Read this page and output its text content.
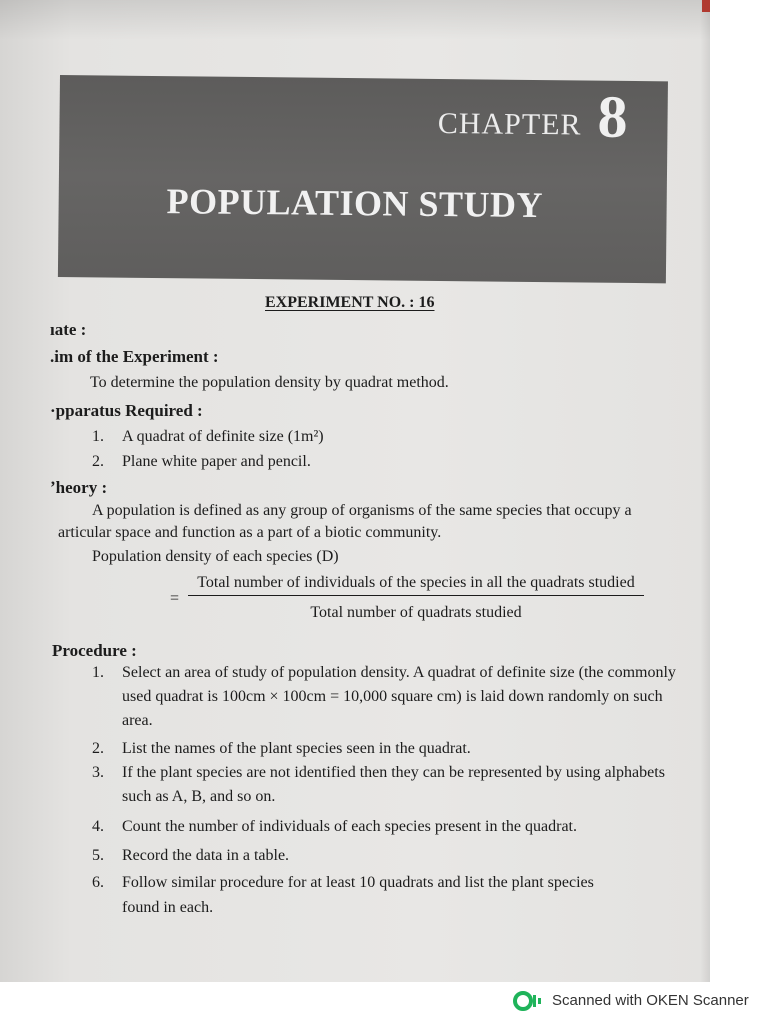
CHAPTER 8
POPULATION STUDY
EXPERIMENT NO. : 16
ıate :
.im of the Experiment :
To determine the population density by quadrat method.
·pparatus Required :
1. A quadrat of definite size (1m²)
2. Plane white paper and pencil.
ʼheory :
A population is defined as any group of organisms of the same species that occupy a
articular space and function as a part of a biotic community.
Population density of each species (D)
=
Total number of individuals of the species in all the quadrats studied
Total number of quadrats studied
Procedure :
1. Select an area of study of population density. A quadrat of definite size (the commonly
used quadrat is 100cm × 100cm = 10,000 square cm) is laid down randomly on such
area.
2. List the names of the plant species seen in the quadrat.
3. If the plant species are not identified then they can be represented by using alphabets
such as A, B, and so on.
4. Count the number of individuals of each species present in the quadrat.
5. Record the data in a table.
6. Follow similar procedure for at least 10 quadrats and list the plant species
found in each.
Scanned with OKEN Scanner
